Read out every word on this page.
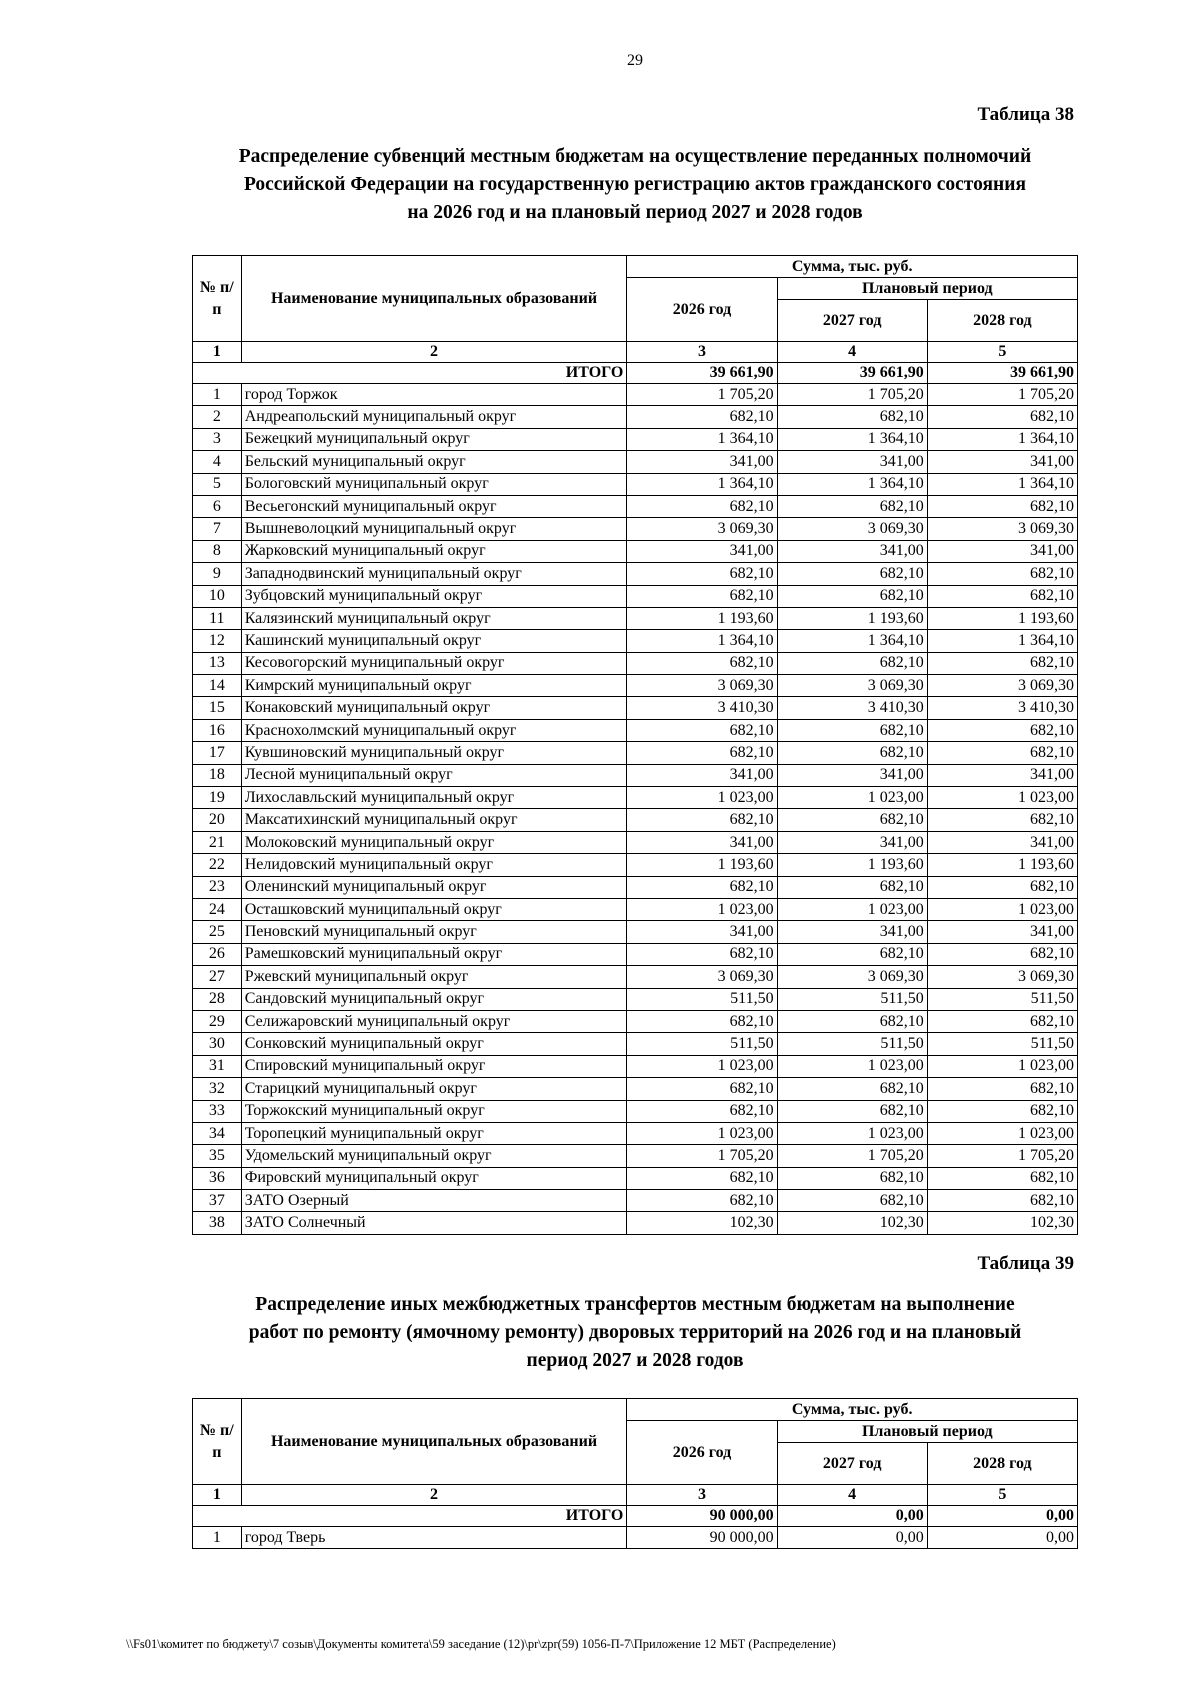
29
Таблица 38
Распределение субвенций местным бюджетам на осуществление переданных полномочий
Российской Федерации на государственную регистрацию актов гражданского состояния
на 2026 год и на плановый период 2027 и 2028 годов
№ п/п	Наименование муниципальных образований	Сумма, тыс. руб.		
		2026 год	Плановый период	
			2027 год	2028 год
1	2	3	4	5
ИТОГО		39 661,90	39 661,90	39 661,90
1	город Торжок	1 705,20	1 705,20	1 705,20
2	Андреапольский муниципальный округ	682,10	682,10	682,10
3	Бежецкий муниципальный округ	1 364,10	1 364,10	1 364,10
4	Бельский муниципальный округ	341,00	341,00	341,00
5	Бологовский муниципальный округ	1 364,10	1 364,10	1 364,10
6	Весьегонский муниципальный округ	682,10	682,10	682,10
7	Вышневолоцкий муниципальный округ	3 069,30	3 069,30	3 069,30
8	Жарковский муниципальный округ	341,00	341,00	341,00
9	Западнодвинский муниципальный округ	682,10	682,10	682,10
10	Зубцовский муниципальный округ	682,10	682,10	682,10
11	Калязинский муниципальный округ	1 193,60	1 193,60	1 193,60
12	Кашинский муниципальный округ	1 364,10	1 364,10	1 364,10
13	Кесовогорский муниципальный округ	682,10	682,10	682,10
14	Кимрский муниципальный округ	3 069,30	3 069,30	3 069,30
15	Конаковский муниципальный округ	3 410,30	3 410,30	3 410,30
16	Краснохолмский муниципальный округ	682,10	682,10	682,10
17	Кувшиновский муниципальный округ	682,10	682,10	682,10
18	Лесной муниципальный округ	341,00	341,00	341,00
19	Лихославльский муниципальный округ	1 023,00	1 023,00	1 023,00
20	Максатихинский муниципальный округ	682,10	682,10	682,10
21	Молоковский муниципальный округ	341,00	341,00	341,00
22	Нелидовский муниципальный округ	1 193,60	1 193,60	1 193,60
23	Оленинский муниципальный округ	682,10	682,10	682,10
24	Осташковский муниципальный округ	1 023,00	1 023,00	1 023,00
25	Пеновский муниципальный округ	341,00	341,00	341,00
26	Рамешковский муниципальный округ	682,10	682,10	682,10
27	Ржевский муниципальный округ	3 069,30	3 069,30	3 069,30
28	Сандовский муниципальный округ	511,50	511,50	511,50
29	Селижаровский муниципальный округ	682,10	682,10	682,10
30	Сонковский муниципальный округ	511,50	511,50	511,50
31	Спировский муниципальный округ	1 023,00	1 023,00	1 023,00
32	Старицкий муниципальный округ	682,10	682,10	682,10
33	Торжокский муниципальный округ	682,10	682,10	682,10
34	Торопецкий муниципальный округ	1 023,00	1 023,00	1 023,00
35	Удомельский муниципальный округ	1 705,20	1 705,20	1 705,20
36	Фировский муниципальный округ	682,10	682,10	682,10
37	ЗАТО Озерный	682,10	682,10	682,10
38	ЗАТО Солнечный	102,30	102,30	102,30
Таблица 39
Распределение иных межбюджетных трансфертов местным бюджетам на выполнение
работ по ремонту (ямочному ремонту) дворовых территорий на 2026 год и на плановый
период 2027 и 2028 годов
№ п/п	Наименование муниципальных образований	Сумма, тыс. руб.		
		2026 год	Плановый период	
			2027 год	2028 год
1	2	3	4	5
ИТОГО		90 000,00	0,00	0,00
1	город Тверь	90 000,00	0,00	0,00
\\Fs01\комитет по бюджету\7 созыв\Документы комитета\59 заседание (12)\pr\zpr(59) 1056-П-7\Приложение 12 МБТ (Распределение)
